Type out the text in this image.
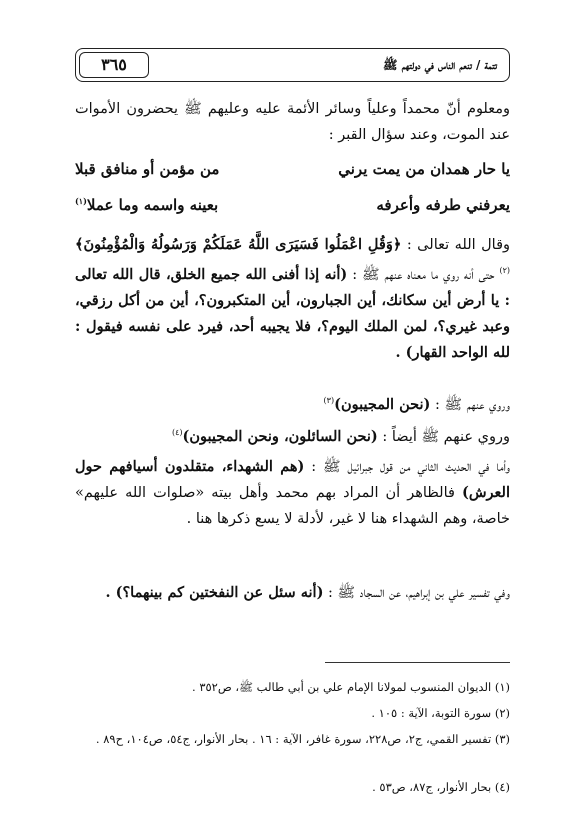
تتمة / تنعم الناس في دولتهم ﷺ
٣٦٥
ومعلوم أنّ محمداً وعلياً وسائر الأئمة عليه وعليهم ﷺ يحضرون الأموات عند الموت، وعند سؤال القبر :
يا حار همدان من يمت يرني
من مؤمن أو منافق قبلا
يعرفني طرفه وأعرفه
بعينه واسمه وما عملا$^{(١)}$
وقال الله تعالى : ﴿وَقُلِ اعْمَلُوا فَسَيَرَى اللَّهُ عَمَلَكُمْ وَرَسُولُهُ وَالْمُؤْمِنُونَ﴾$^{(٢)}$ حتى أنه روي ما معناه عنهم ﷺ : (أنه إذا أفنى الله جميع الخلق، قال الله تعالى : يا أرض أين سكانك، أين الجبارون، أين المتكبرون؟، أين من أكل رزقي، وعبد غيري؟، لمن الملك اليوم؟، فلا يجيبه أحد، فيرد على نفسه فيقول : لله الواحد القهار) .
وروي عنهم ﷺ : (نحن المجيبون)$^{(٣)}$
وروي عنهم ﷺ أيضاً : (نحن السائلون، ونحن المجيبون)$^{(٤)}$
وأما في الحديث الثاني من قول جبرائيل ﷺ : (هم الشهداء، متقلدون أسيافهم حول العرش) فالظاهر أن المراد بهم محمد وأهل بيته «صلوات الله عليهم» خاصة، وهم الشهداء هنا لا غير، لأدلة لا يسع ذكرها هنا .
وفي تفسير علي بن إبراهيم، عن السجاد ﷺ : (أنه سئل عن النفختين كم بينهما؟) .
(١) الديوان المنسوب لمولانا الإمام علي بن أبي طالب ﷺ، ص٣٥٢ .
(٢) سورة التوبة، الآية : ١٠٥ .
(٣) تفسير القمي، ج٢، ص٢٢٨، سورة غافر، الآية : ١٦ . بحار الأنوار، ج٥٤، ص١٠٤، ح٨٩ .
(٤) بحار الأنوار، ج٨٧، ص٥٣ .
